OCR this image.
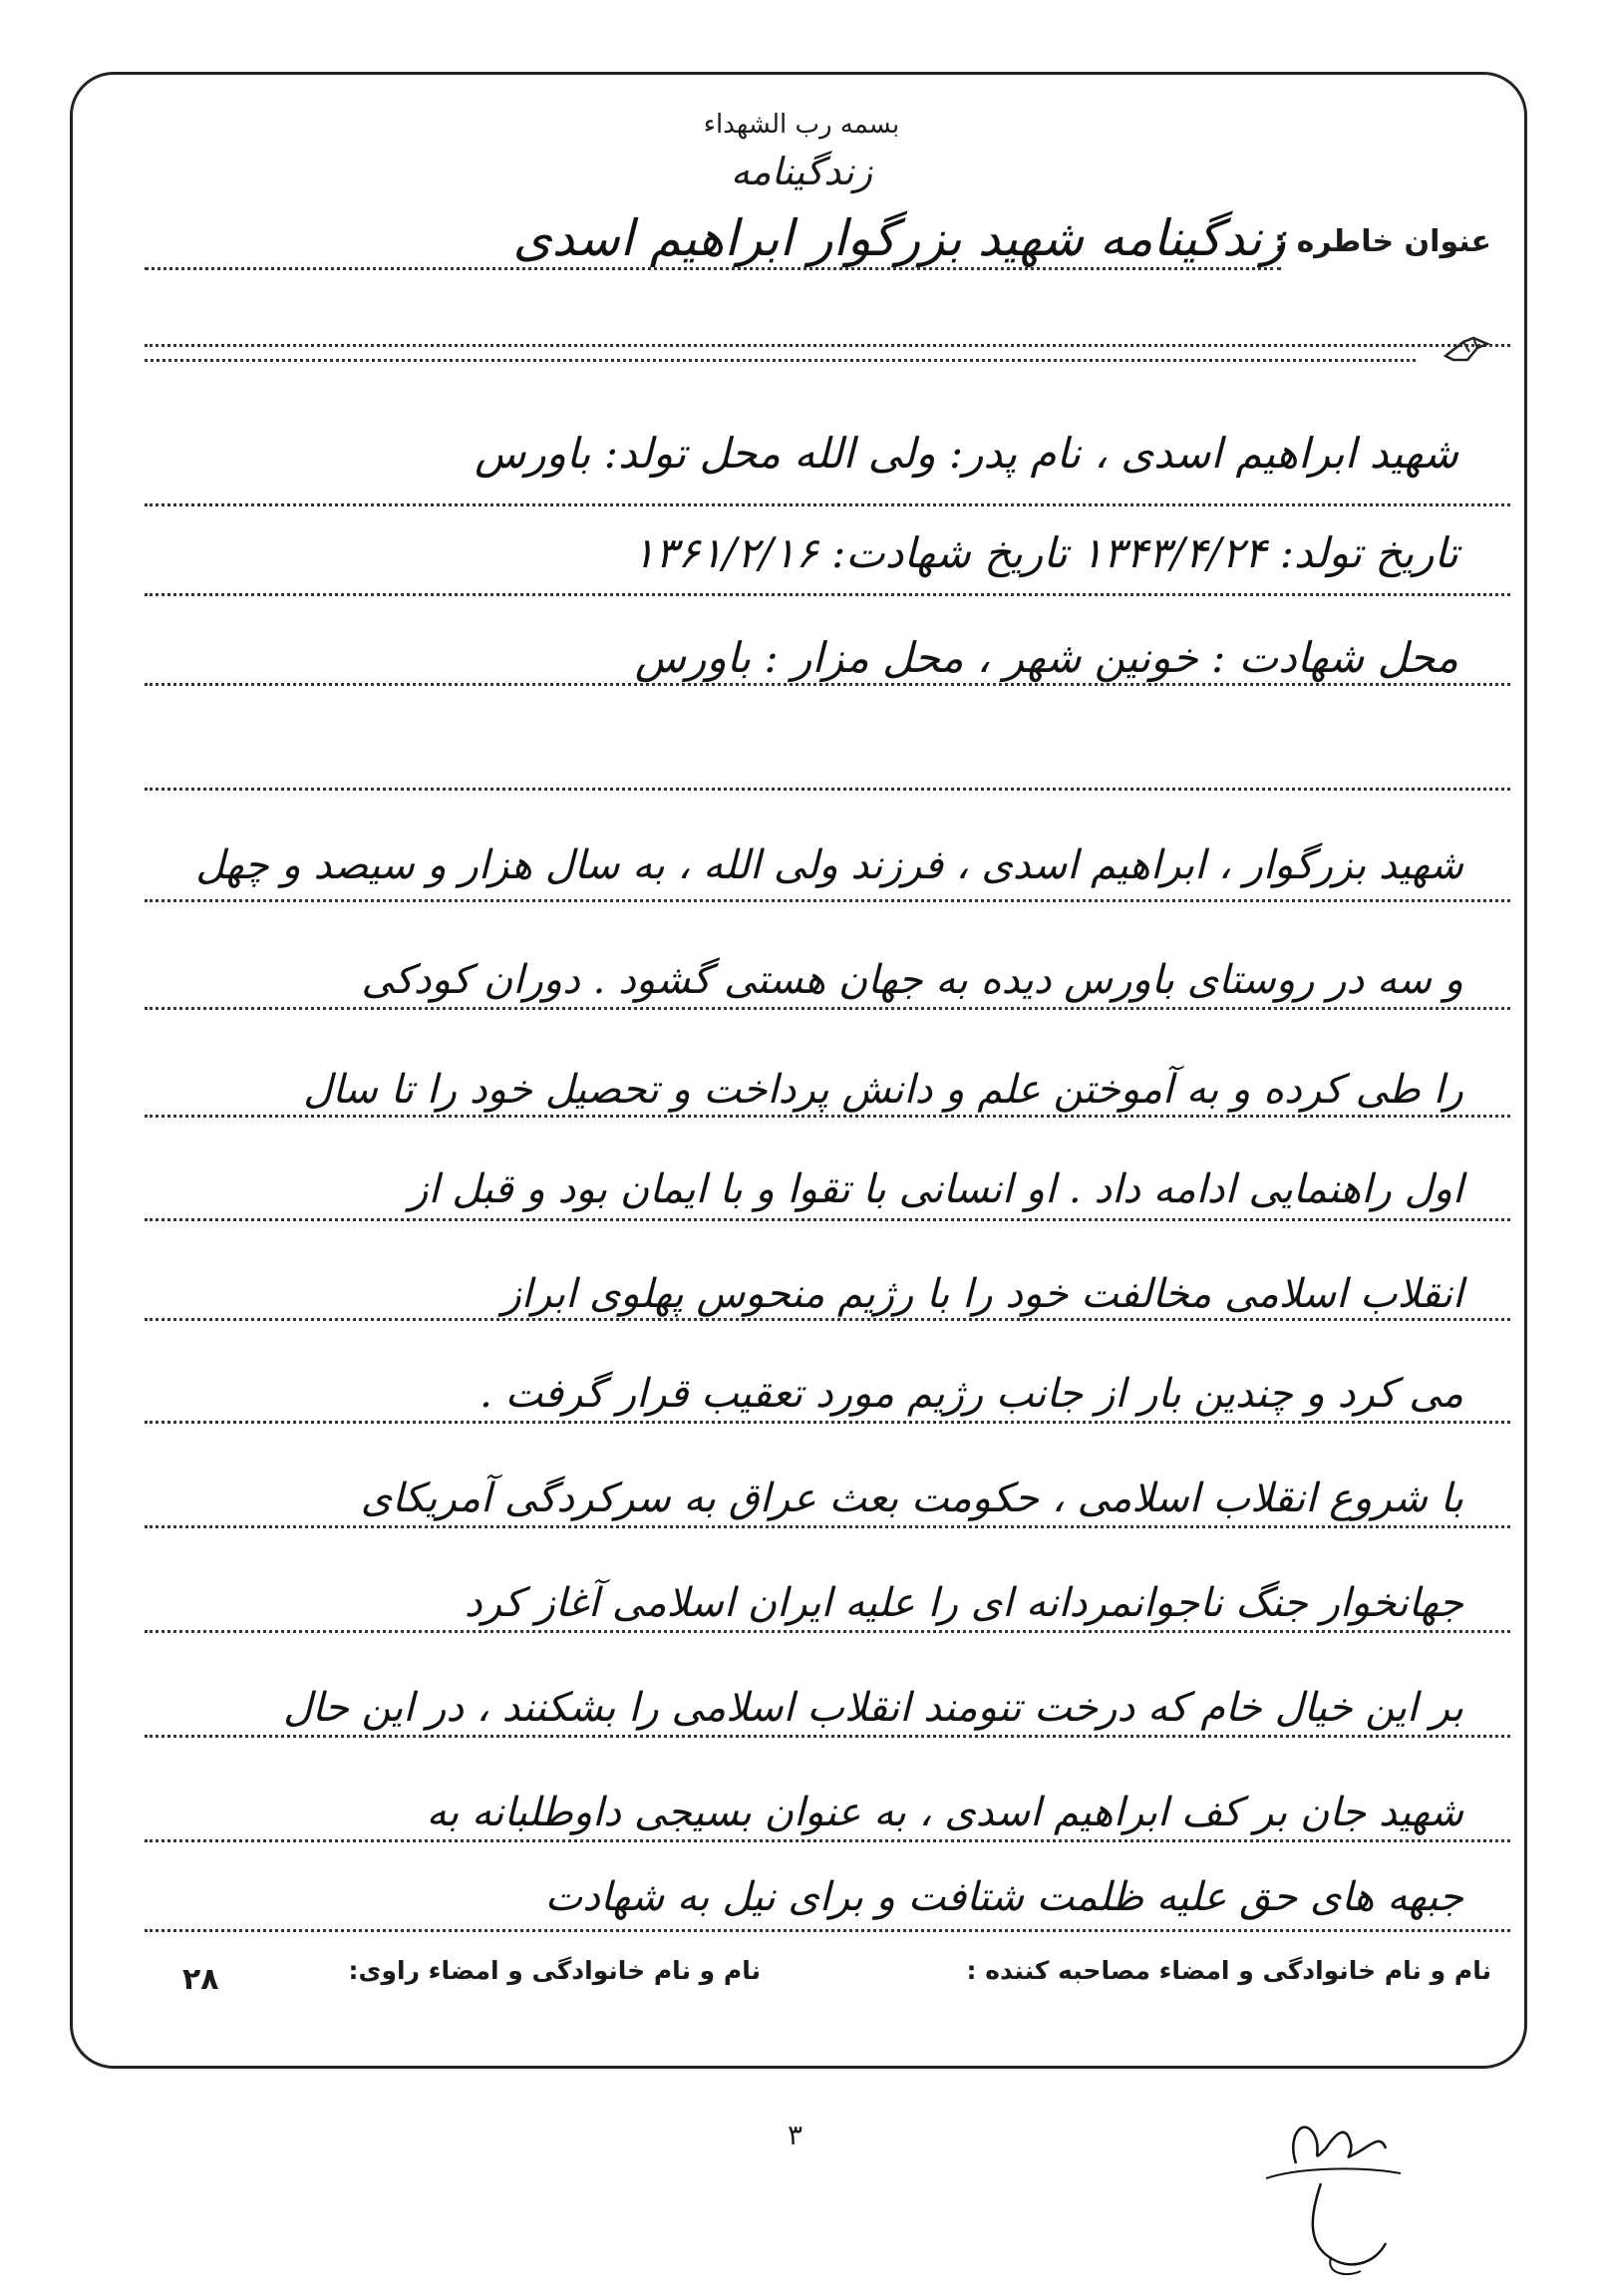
بسمه رب الشهداء
زندگینامه
عنوان خاطره :
زندگینامه شهید بزرگوار ابراهیم اسدی
شهید ابراهیم اسدی ، نام پدر: ولی الله محل تولد: باورس
تاریخ تولد: ۱۳۴۳/۴/۲۴ تاریخ شهادت: ۱۳۶۱/۲/۱۶
محل شهادت : خونین شهر ، محل مزار : باورس
شهید بزرگوار ، ابراهیم اسدی ، فرزند ولی الله ، به سال هزار و سیصد و چهل
و سه در روستای باورس دیده به جهان هستی گشود . دوران کودکی
را طی کرده و به آموختن علم و دانش پرداخت و تحصیل خود را تا سال
اول راهنمایی ادامه داد . او انسانی با تقوا و با ایمان بود و قبل از
انقلاب اسلامی مخالفت خود را با رژیم منحوس پهلوی ابراز
می کرد و چندین بار از جانب رژیم مورد تعقیب قرار گرفت .
با شروع انقلاب اسلامی ، حکومت بعث عراق به سرکردگی آمریکای
جهانخوار جنگ ناجوانمردانه ای را علیه ایران اسلامی آغاز کرد
بر این خیال خام که درخت تنومند انقلاب اسلامی را بشکنند ، در این حال
شهید جان بر کف ابراهیم اسدی ، به عنوان بسیجی داوطلبانه به
جبهه های حق علیه ظلمت شتافت و برای نیل به شهادت
نام و نام خانوادگی و امضاء مصاحبه کننده :
نام و نام خانوادگی و امضاء راوی:
۲۸
۳
